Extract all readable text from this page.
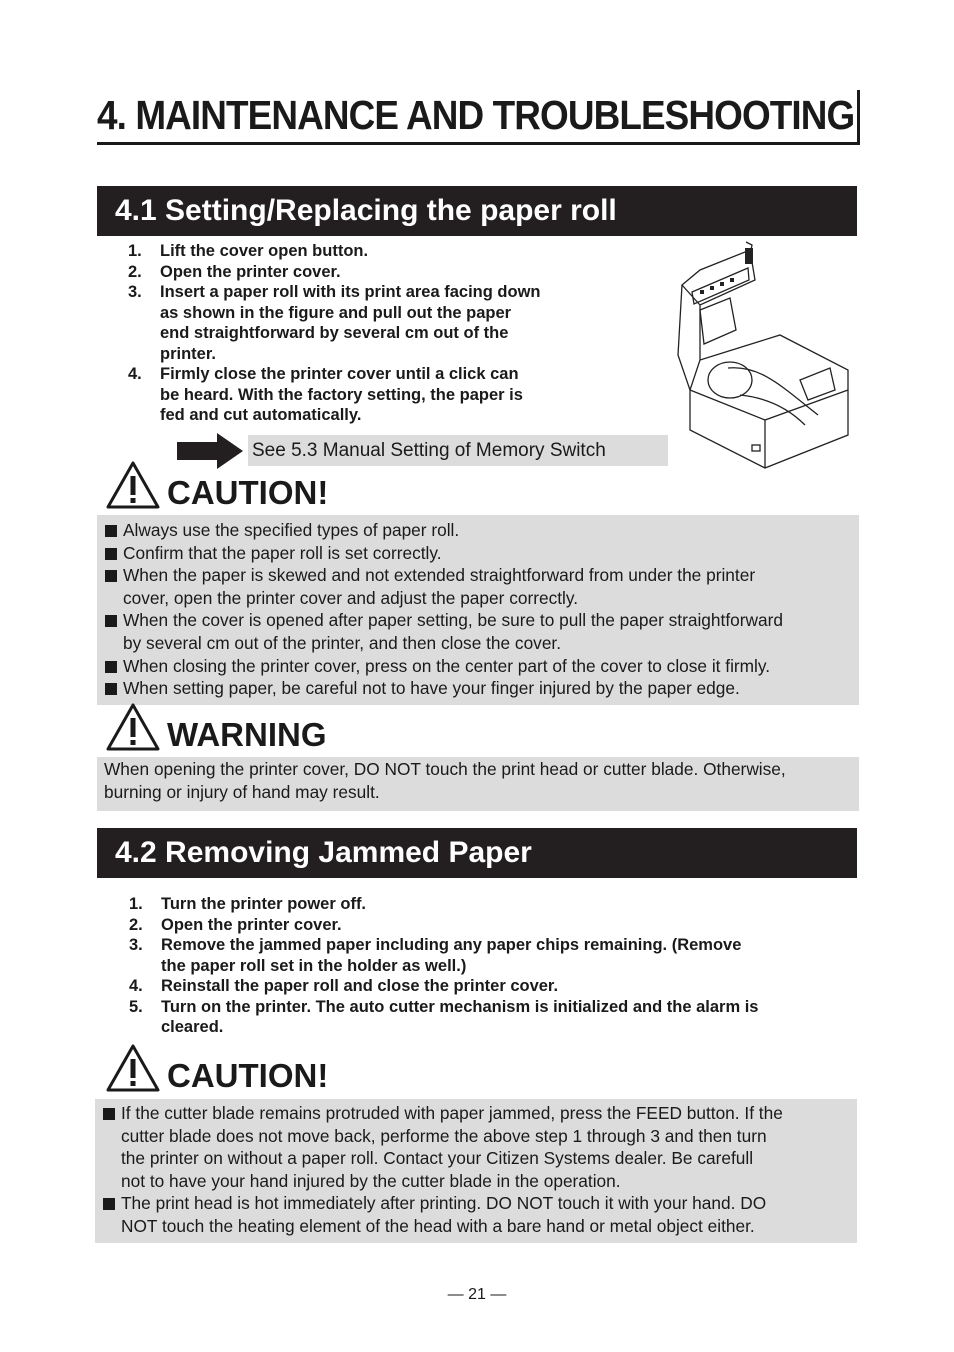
4. MAINTENANCE AND TROUBLESHOOTING
4.1 Setting/Replacing the paper roll
1. Lift the cover open button.
2. Open the printer cover.
3. Insert a paper roll with its print area facing down
as shown in the figure and pull out the paper
end straightforward by several cm out of the
printer.
4. Firmly close the printer cover until a click can
be heard. With the factory setting, the paper is
fed and cut automatically.
See 5.3 Manual Setting of Memory Switch
CAUTION!
Always use the specified types of paper roll.
Confirm that the paper roll is set correctly.
When the paper is skewed and not extended straightforward from under the printer
cover, open the printer cover and adjust the paper correctly.
When the cover is opened after paper setting, be sure to pull the paper straightforward
by several cm out of the printer, and then close the cover.
When closing the printer cover, press on the center part of the cover to close it firmly.
When setting paper, be careful not to have your finger injured by the paper edge.
WARNING
When opening the printer cover, DO NOT touch the print head or cutter blade. Otherwise,
burning or injury of hand may result.
4.2 Removing Jammed Paper
1. Turn the printer power off.
2. Open the printer cover.
3. Remove the jammed paper including any paper chips remaining. (Remove
the paper roll set in the holder as well.)
4. Reinstall the paper roll and close the printer cover.
5. Turn on the printer. The auto cutter mechanism is initialized and the alarm is
cleared.
CAUTION!
If the cutter blade remains protruded with paper jammed, press the FEED button. If the
cutter blade does not move back, performe the above step 1 through 3 and then turn
the printer on without a paper roll. Contact your Citizen Systems dealer. Be carefull
not to have your hand injured by the cutter blade in the operation.
The print head is hot immediately after printing. DO NOT touch it with your hand. DO
NOT touch the heating element of the head with a bare hand or metal object either.
— 21 —
